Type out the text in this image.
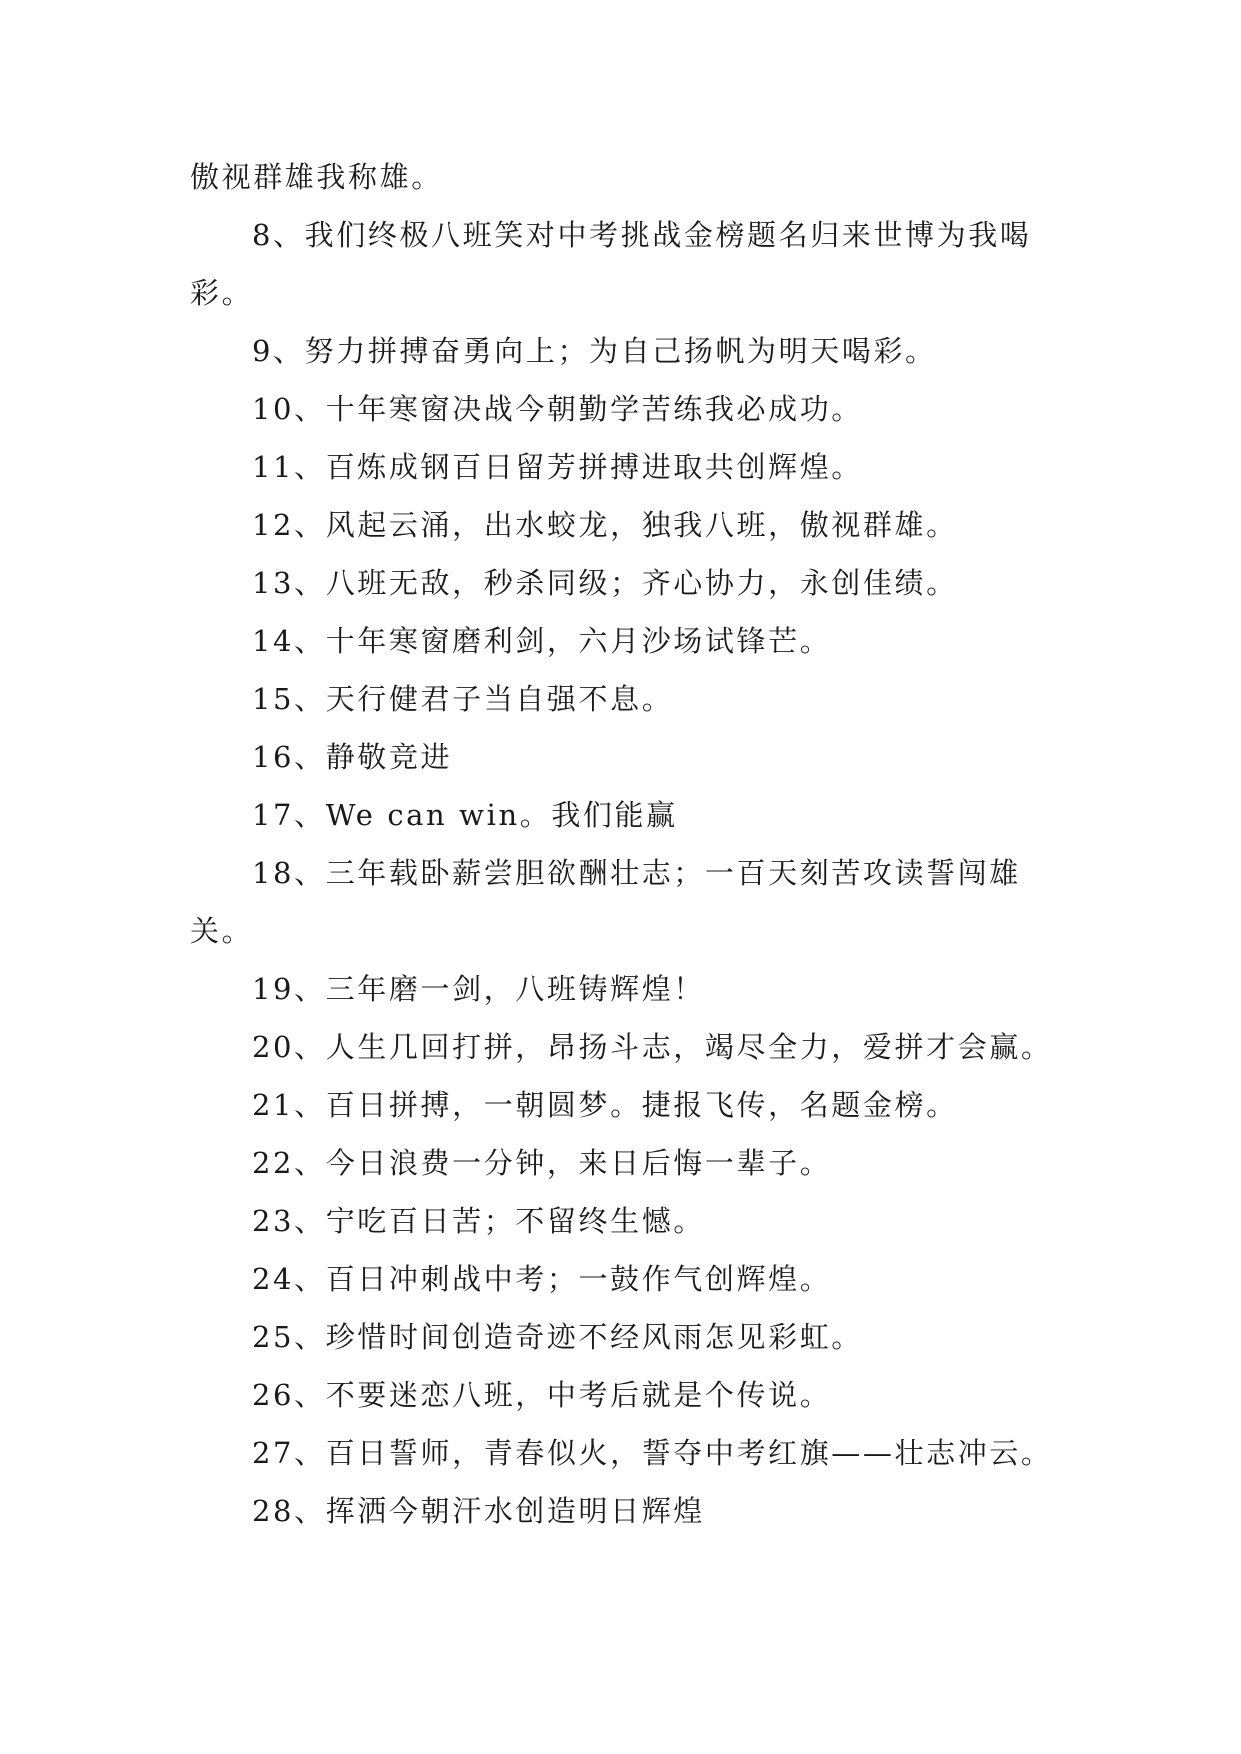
傲视群雄我称雄。

8、我们终极八班笑对中考挑战金榜题名归来世博为我喝彩。

9、努力拼搏奋勇向上；为自己扬帆为明天喝彩。

10、十年寒窗决战今朝勤学苦练我必成功。

11、百炼成钢百日留芳拼搏进取共创辉煌。

12、风起云涌，出水蛟龙，独我八班，傲视群雄。

13、八班无敌，秒杀同级；齐心协力，永创佳绩。

14、十年寒窗磨利剑，六月沙场试锋芒。

15、天行健君子当自强不息。

16、静敬竞进

17、We can win。我们能赢

18、三年载卧薪尝胆欲酬壮志；一百天刻苦攻读誓闯雄关。

19、三年磨一剑，八班铸辉煌！

20、人生几回打拼，昂扬斗志，竭尽全力，爱拼才会赢。

21、百日拼搏，一朝圆梦。捷报飞传，名题金榜。

22、今日浪费一分钟，来日后悔一辈子。

23、宁吃百日苦；不留终生憾。

24、百日冲刺战中考；一鼓作气创辉煌。

25、珍惜时间创造奇迹不经风雨怎见彩虹。

26、不要迷恋八班，中考后就是个传说。

27、百日誓师，青春似火，誓夺中考红旗——壮志冲云。

28、挥洒今朝汗水创造明日辉煌
